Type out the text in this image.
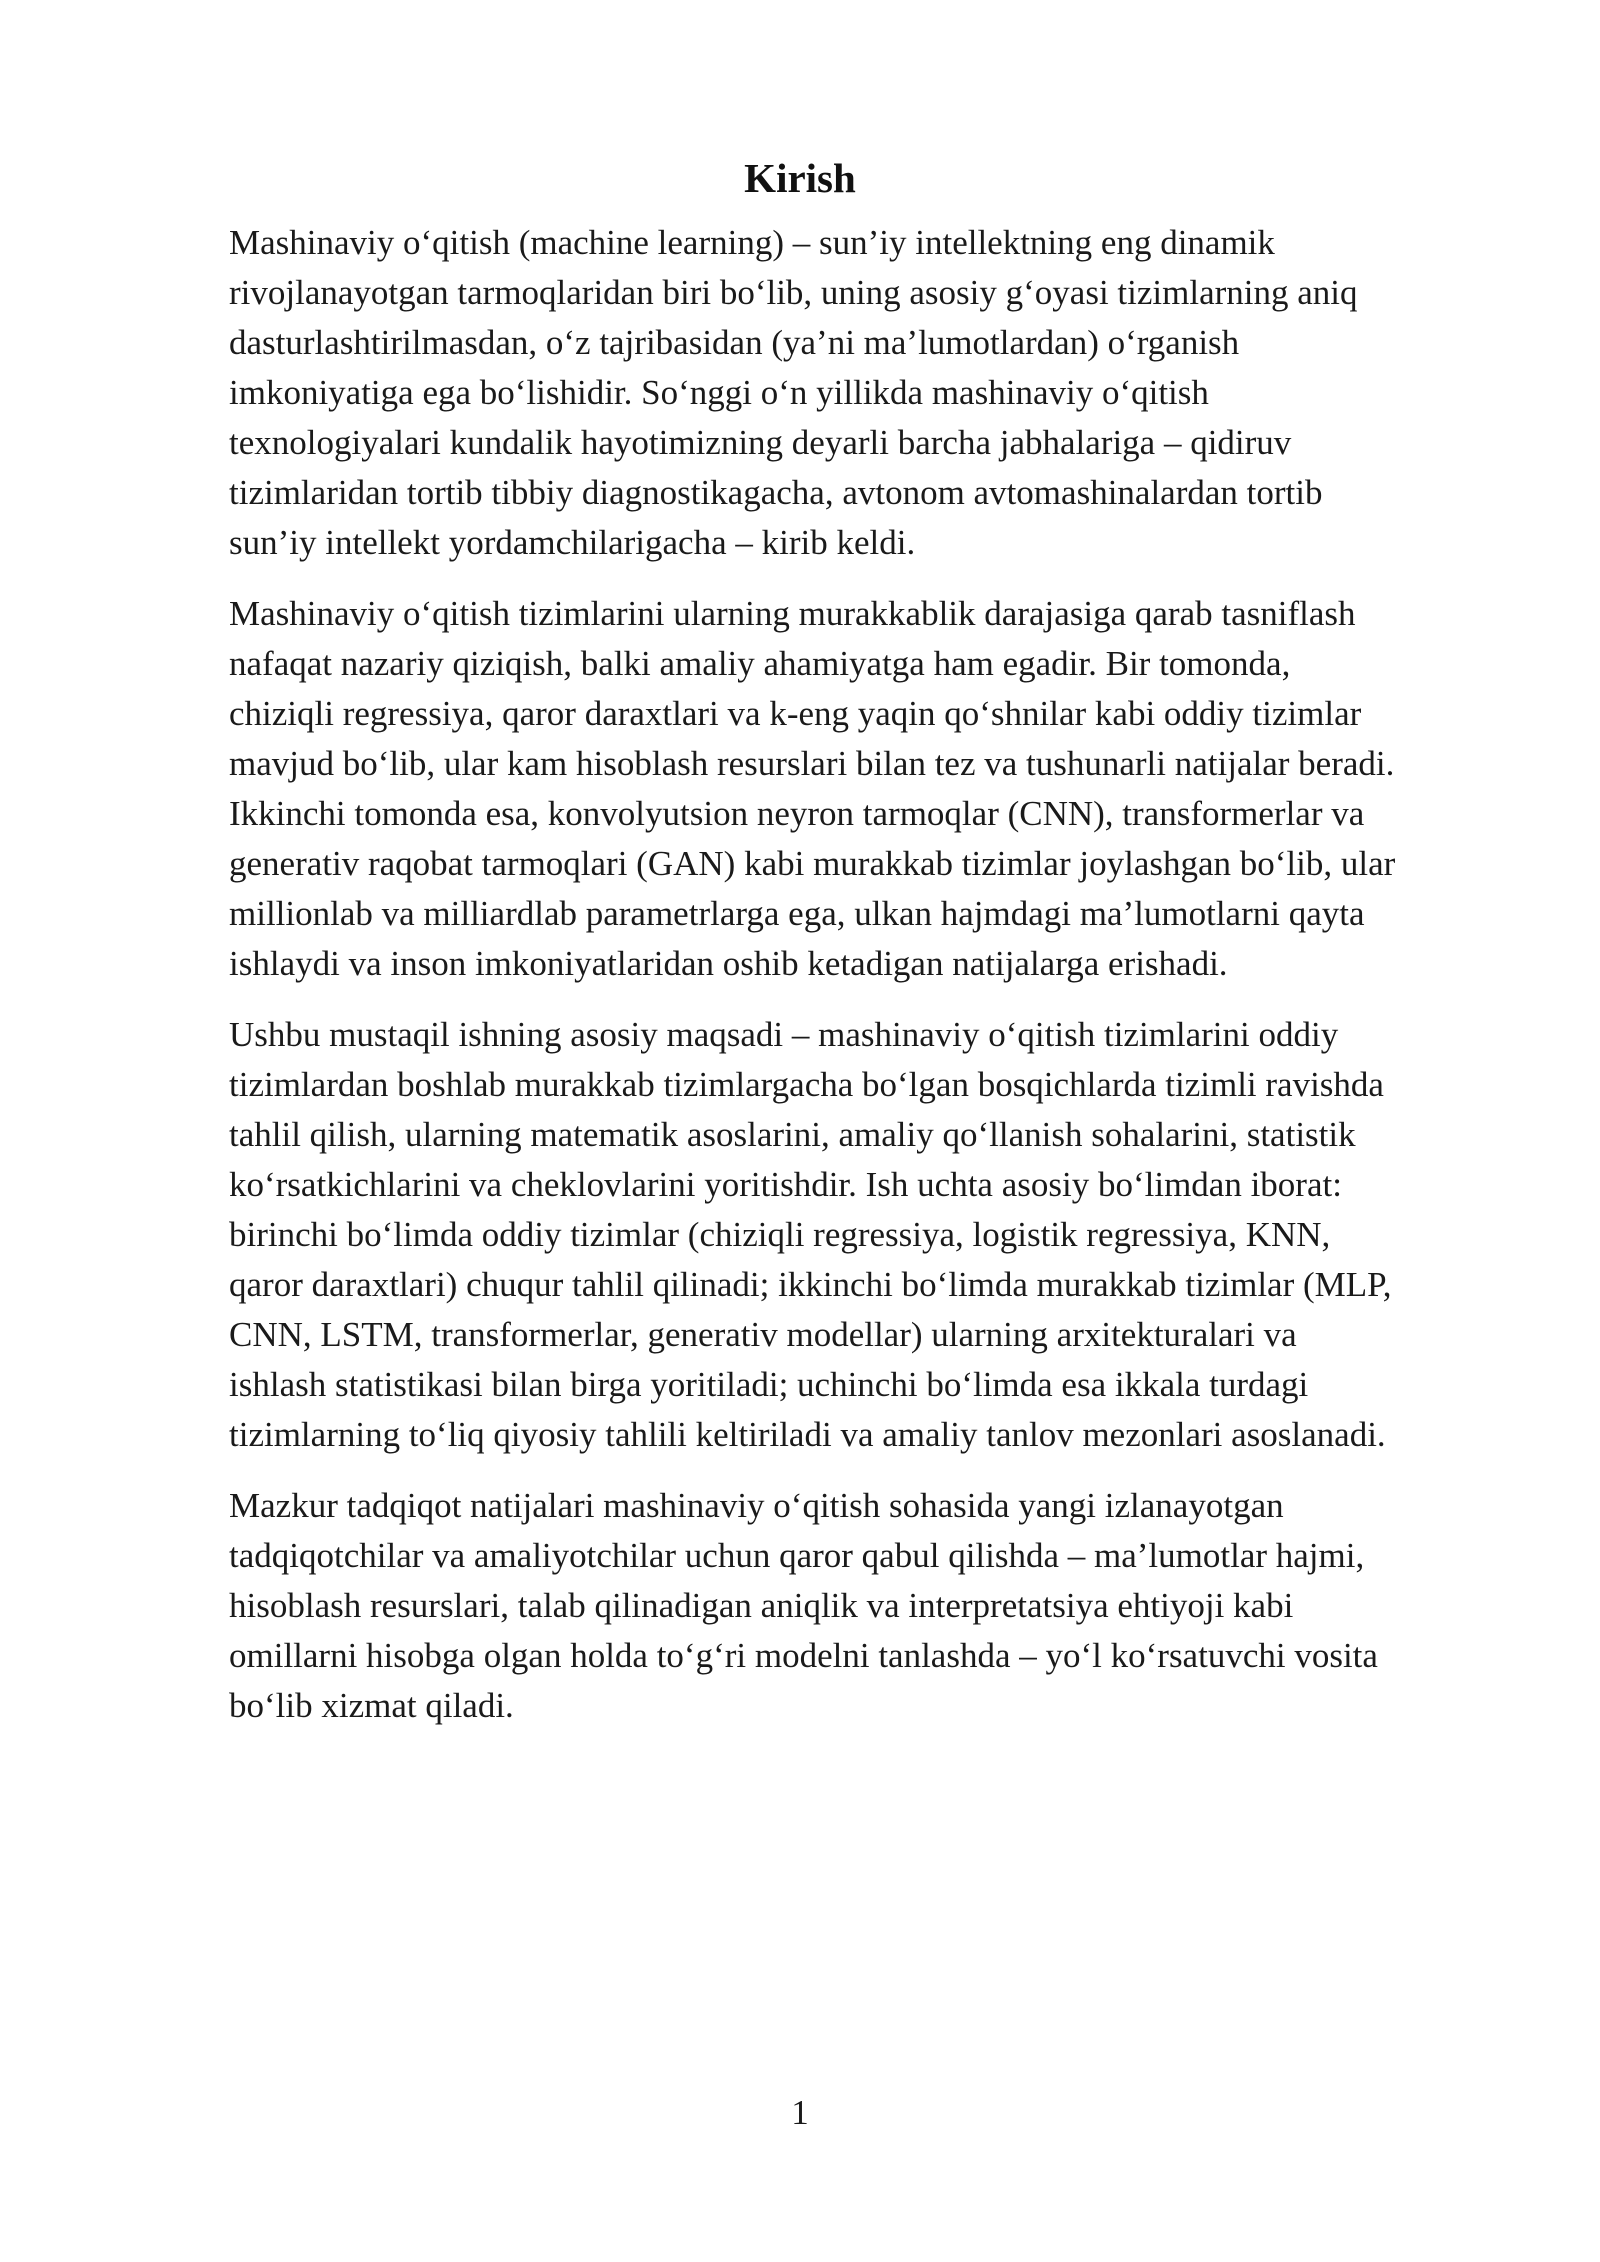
Kirish

Mashinaviy o‘qitish (machine learning) – sun’iy intellektning eng dinamik
rivojlanayotgan tarmoqlaridan biri bo‘lib, uning asosiy g‘oyasi tizimlarning aniq
dasturlashtirilmasdan, o‘z tajribasidan (ya’ni ma’lumotlardan) o‘rganish
imkoniyatiga ega bo‘lishidir. So‘nggi o‘n yillikda mashinaviy o‘qitish
texnologiyalari kundalik hayotimizning deyarli barcha jabhalariga – qidiruv
tizimlaridan tortib tibbiy diagnostikagacha, avtonom avtomashinalardan tortib
sun’iy intellekt yordamchilarigacha – kirib keldi.

Mashinaviy o‘qitish tizimlarini ularning murakkablik darajasiga qarab tasniflash
nafaqat nazariy qiziqish, balki amaliy ahamiyatga ham egadir. Bir tomonda,
chiziqli regressiya, qaror daraxtlari va k-eng yaqin qo‘shnilar kabi oddiy tizimlar
mavjud bo‘lib, ular kam hisoblash resurslari bilan tez va tushunarli natijalar beradi.
Ikkinchi tomonda esa, konvolyutsion neyron tarmoqlar (CNN), transformerlar va
generativ raqobat tarmoqlari (GAN) kabi murakkab tizimlar joylashgan bo‘lib, ular
millionlab va milliardlab parametrlarga ega, ulkan hajmdagi ma’lumotlarni qayta
ishlaydi va inson imkoniyatlaridan oshib ketadigan natijalarga erishadi.

Ushbu mustaqil ishning asosiy maqsadi – mashinaviy o‘qitish tizimlarini oddiy
tizimlardan boshlab murakkab tizimlargacha bo‘lgan bosqichlarda tizimli ravishda
tahlil qilish, ularning matematik asoslarini, amaliy qo‘llanish sohalarini, statistik
ko‘rsatkichlarini va cheklovlarini yoritishdir. Ish uchta asosiy bo‘limdan iborat:
birinchi bo‘limda oddiy tizimlar (chiziqli regressiya, logistik regressiya, KNN,
qaror daraxtlari) chuqur tahlil qilinadi; ikkinchi bo‘limda murakkab tizimlar (MLP,
CNN, LSTM, transformerlar, generativ modellar) ularning arxitekturalari va
ishlash statistikasi bilan birga yoritiladi; uchinchi bo‘limda esa ikkala turdagi
tizimlarning to‘liq qiyosiy tahlili keltiriladi va amaliy tanlov mezonlari asoslanadi.

Mazkur tadqiqot natijalari mashinaviy o‘qitish sohasida yangi izlanayotgan
tadqiqotchilar va amaliyotchilar uchun qaror qabul qilishda – ma’lumotlar hajmi,
hisoblash resurslari, talab qilinadigan aniqlik va interpretatsiya ehtiyoji kabi
omillarni hisobga olgan holda to‘g‘ri modelni tanlashda – yo‘l ko‘rsatuvchi vosita
bo‘lib xizmat qiladi.

1
